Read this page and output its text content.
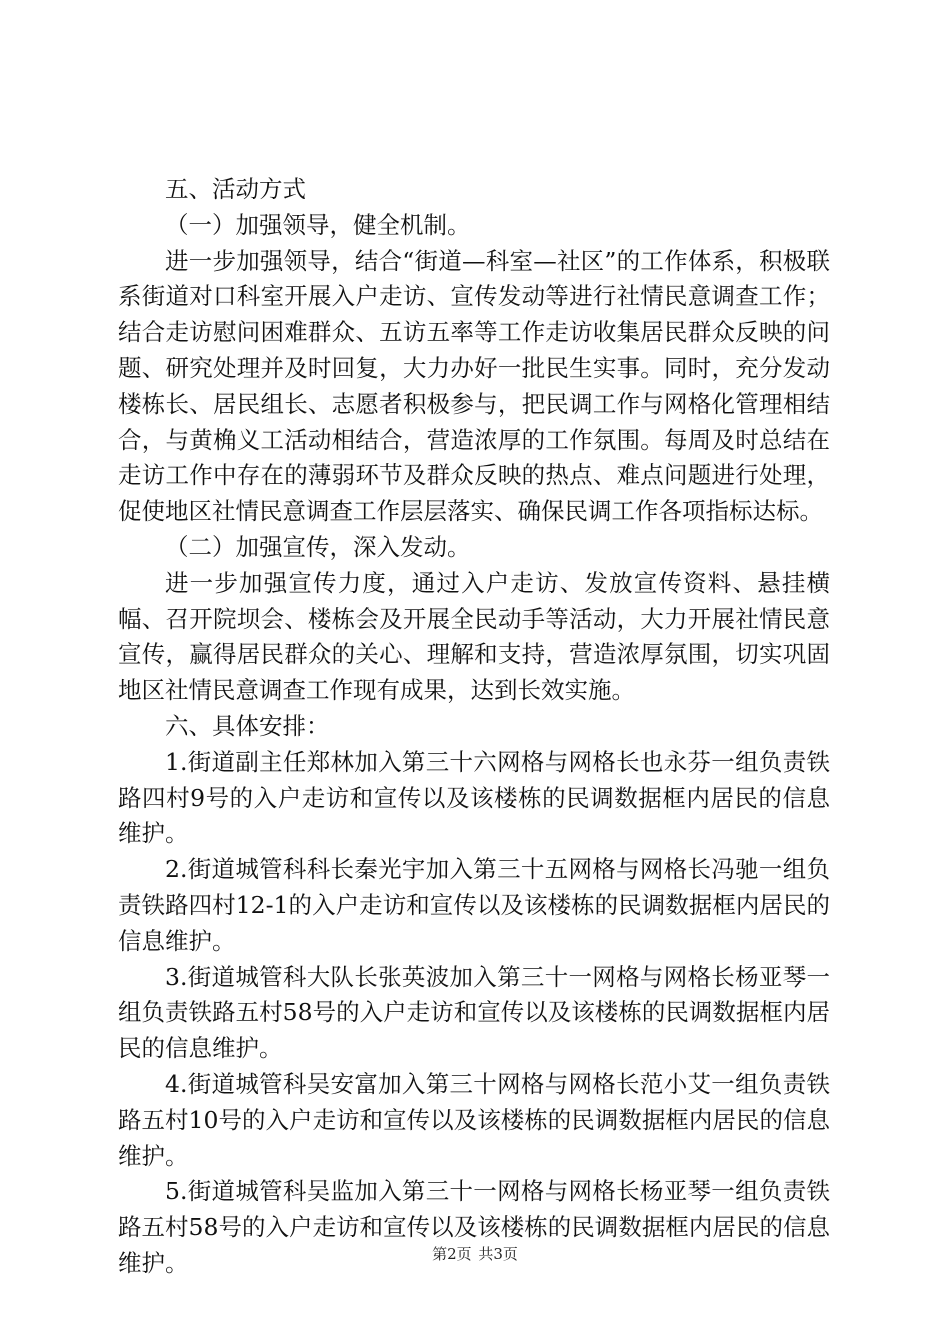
五、活动方式

（一）加强领导，健全机制。

进一步加强领导，结合“街道—科室—社区”的工作体系，积极联系街道对口科室开展入户走访、宣传发动等进行社情民意调查工作；结合走访慰问困难群众、五访五率等工作走访收集居民群众反映的问题、研究处理并及时回复，大力办好一批民生实事。同时，充分发动楼栋长、居民组长、志愿者积极参与，把民调工作与网格化管理相结合，与黄桷义工活动相结合，营造浓厚的工作氛围。每周及时总结在走访工作中存在的薄弱环节及群众反映的热点、难点问题进行处理，促使地区社情民意调查工作层层落实、确保民调工作各项指标达标。

（二）加强宣传，深入发动。

进一步加强宣传力度，通过入户走访、发放宣传资料、悬挂横幅、召开院坝会、楼栋会及开展全民动手等活动，大力开展社情民意宣传，赢得居民群众的关心、理解和支持，营造浓厚氛围，切实巩固地区社情民意调查工作现有成果，达到长效实施。

六、具体安排：

1.街道副主任郑林加入第三十六网格与网格长也永芬一组负责铁路四村9号的入户走访和宣传以及该楼栋的民调数据框内居民的信息维护。

2.街道城管科科长秦光宇加入第三十五网格与网格长冯驰一组负责铁路四村12-1的入户走访和宣传以及该楼栋的民调数据框内居民的信息维护。

3.街道城管科大队长张英波加入第三十一网格与网格长杨亚琴一组负责铁路五村58号的入户走访和宣传以及该楼栋的民调数据框内居民的信息维护。

4.街道城管科吴安富加入第三十网格与网格长范小艾一组负责铁路五村10号的入户走访和宣传以及该楼栋的民调数据框内居民的信息维护。

5.街道城管科吴监加入第三十一网格与网格长杨亚琴一组负责铁路五村58号的入户走访和宣传以及该楼栋的民调数据框内居民的信息维护。	第2页 共3页
